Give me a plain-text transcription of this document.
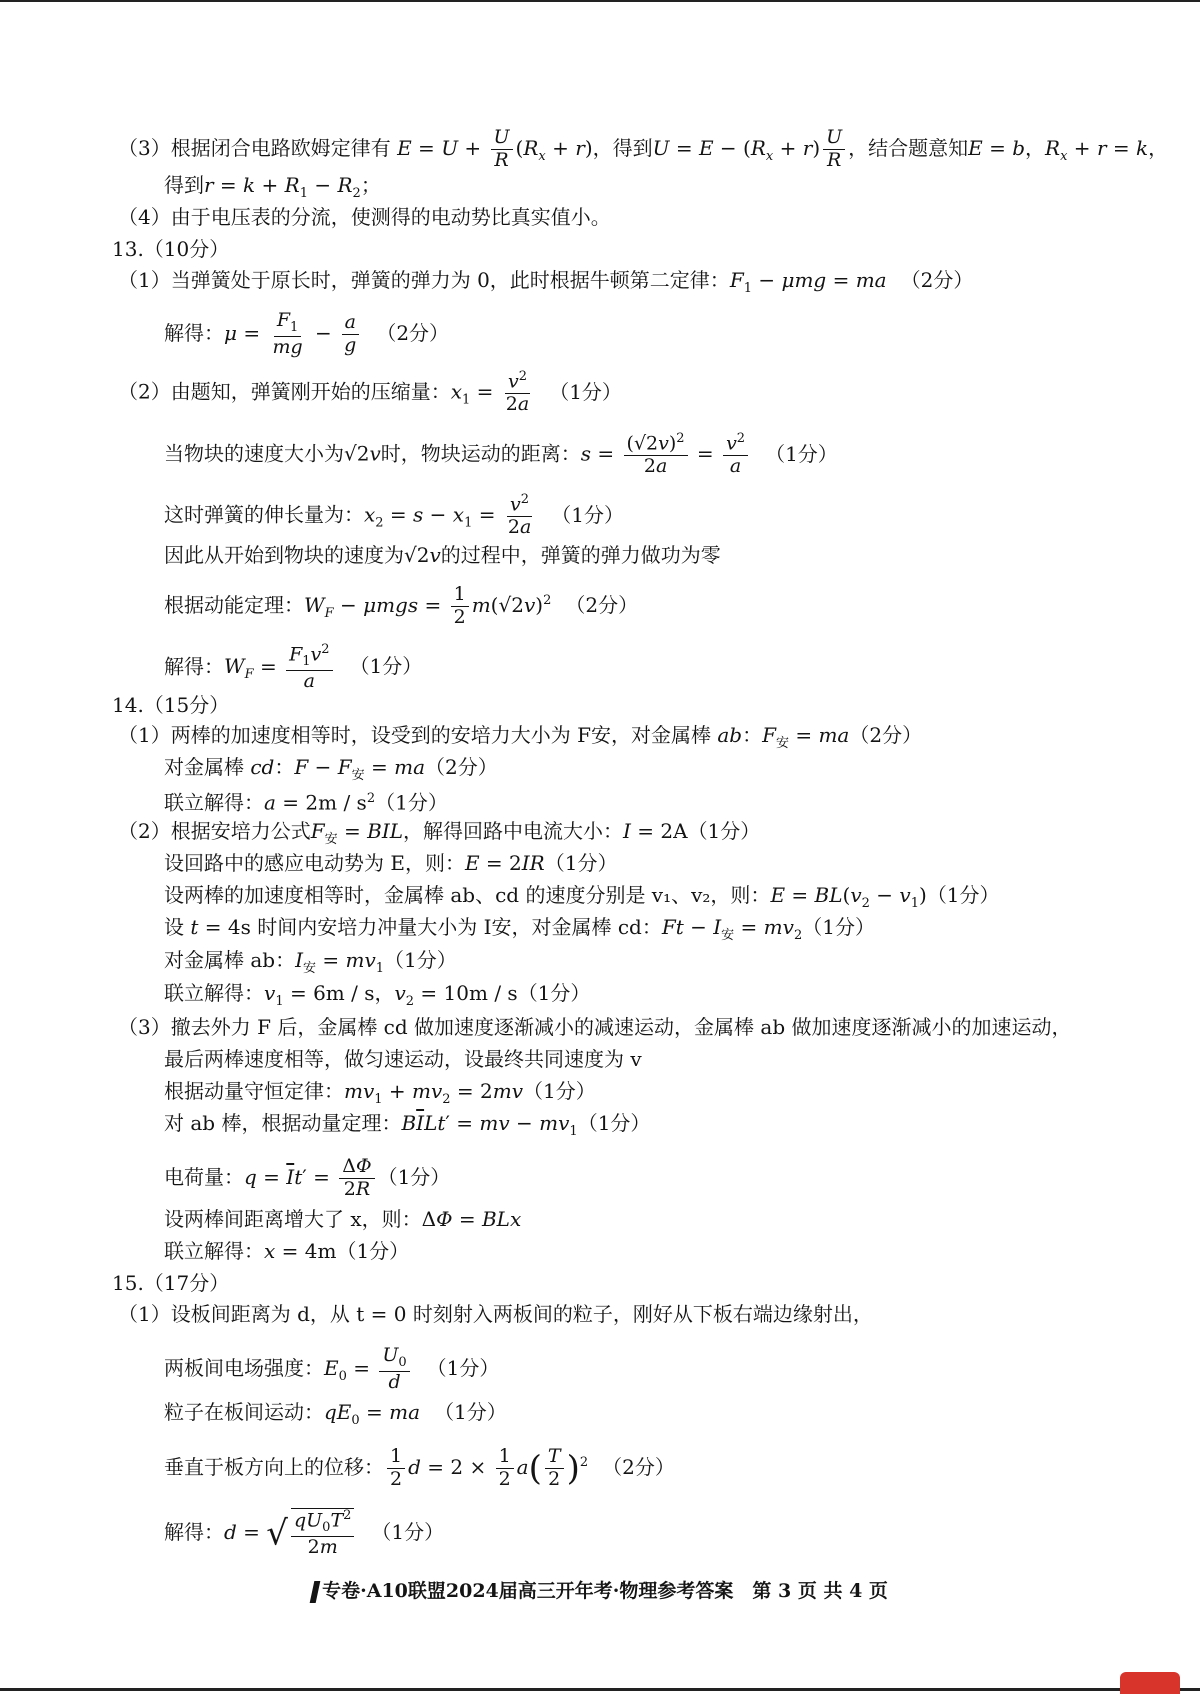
（3）根据闭合电路欧姆定律有 $E = U + \frac{U}{R} (R_x + r)$，得到$U = E - (R_x + r) \frac{U}{R}$ ，结合题意知E = b，$R_x + r = k$，
得到$r = k + R_1 - R_2$；
（4）由于电压表的分流，使测得的电动势比真实值小。
13.（10分）
（1）当弹簧处于原长时，弹簧的弹力为 0，此时根据牛顿第二定律：$F_1 - \mu mg$ = ma （2分）
解得：$\mu = \frac{F_1}{mg} - \frac{a}{g} (2$分）
（2）由题知，弹簧刚开始的压缩量：$x_1 = \frac{v^2}{2a} (1$分）
当物块的速度大小为√2v时，物块运动的距离：$s = \frac{(√2v)^2}{2a} = \frac{v^2}{a} (1$分）
这时弹簧的伸长量为：$x_2 = s - x_1 = \frac{v^2}{2a} (1$分）
因此从开始到物块的速度为√2v的过程中，弹簧的弹力做功为零
根据动能定理：$W_F - \mu mgs = \frac{1}{2} m(√2v)^2$ （2分）
解得：$W_F = \frac{F_1v^2}{a} (1$分）
14.（15分）
（1）两棒的加速度相等时，设受到的安培力大小为 F安，对金属棒 ab：$F_安 = ma(2$分）
对金属棒 cd：$F - F_安 = ma(2$分）
联立解得：$a = 2m / s^2(1$分）
（2）根据安培力公式$F_安$ = BIL，解得回路中电流大小：I = 2A（1分）
设回路中的感应电动势为 E，则：E = 2IR（1分）
设两棒的加速度相等时，金属棒 ab、cd 的速度分别是 v₁、v₂，则：$E = BL(v_2 - v_1)(1$分）
设 t = 4s 时间内安培力冲量大小为 I安，对金属棒 cd：$Ft - I_安 = mv_2(1$分）
对金属棒 ab：$I_安 = mv_1(1$分）
联立解得：$v_1 = 6m / s$，$v_2 = 10m / s(1$分）
（3）撤去外力 F 后，金属棒 cd 做加速度逐渐减小的减速运动，金属棒 ab 做加速度逐渐减小的加速运动，
最后两棒速度相等，做匀速运动，设最终共同速度为 v
根据动量守恒定律：$mv_1 + mv_2 = 2mv(1$分）
对 ab 棒，根据动量定理：$B\overline{I}Lt'$ = mv − $mv_1(1$分）
电荷量：$q = \overline{I}t' = \frac{\Delta\Phi}{2R} (1$分）
设两棒间距离增大了 x，则：ΔΦ = BLx
联立解得：x = 4m（1分）
15.（17分）
（1）设板间距离为 d，从 t = 0 时刻射入两板间的粒子，刚好从下板右端边缘射出，
两板间电场强度：$E_0 = \frac{U_0}{d} (1$分）
粒子在板间运动：$qE_0$ = ma （1分）
垂直于板方向上的位移： $\frac{1}{2}$ $d = 2 \times \frac{1}{2} a( \frac{T}{2} )^2$ （2分）
解得：d = √ $\frac{qU_0T^2}{2m} (1$分）
专卷·A10联盟2024届高三开年考·物理参考答案　第 3 页 共 4 页
